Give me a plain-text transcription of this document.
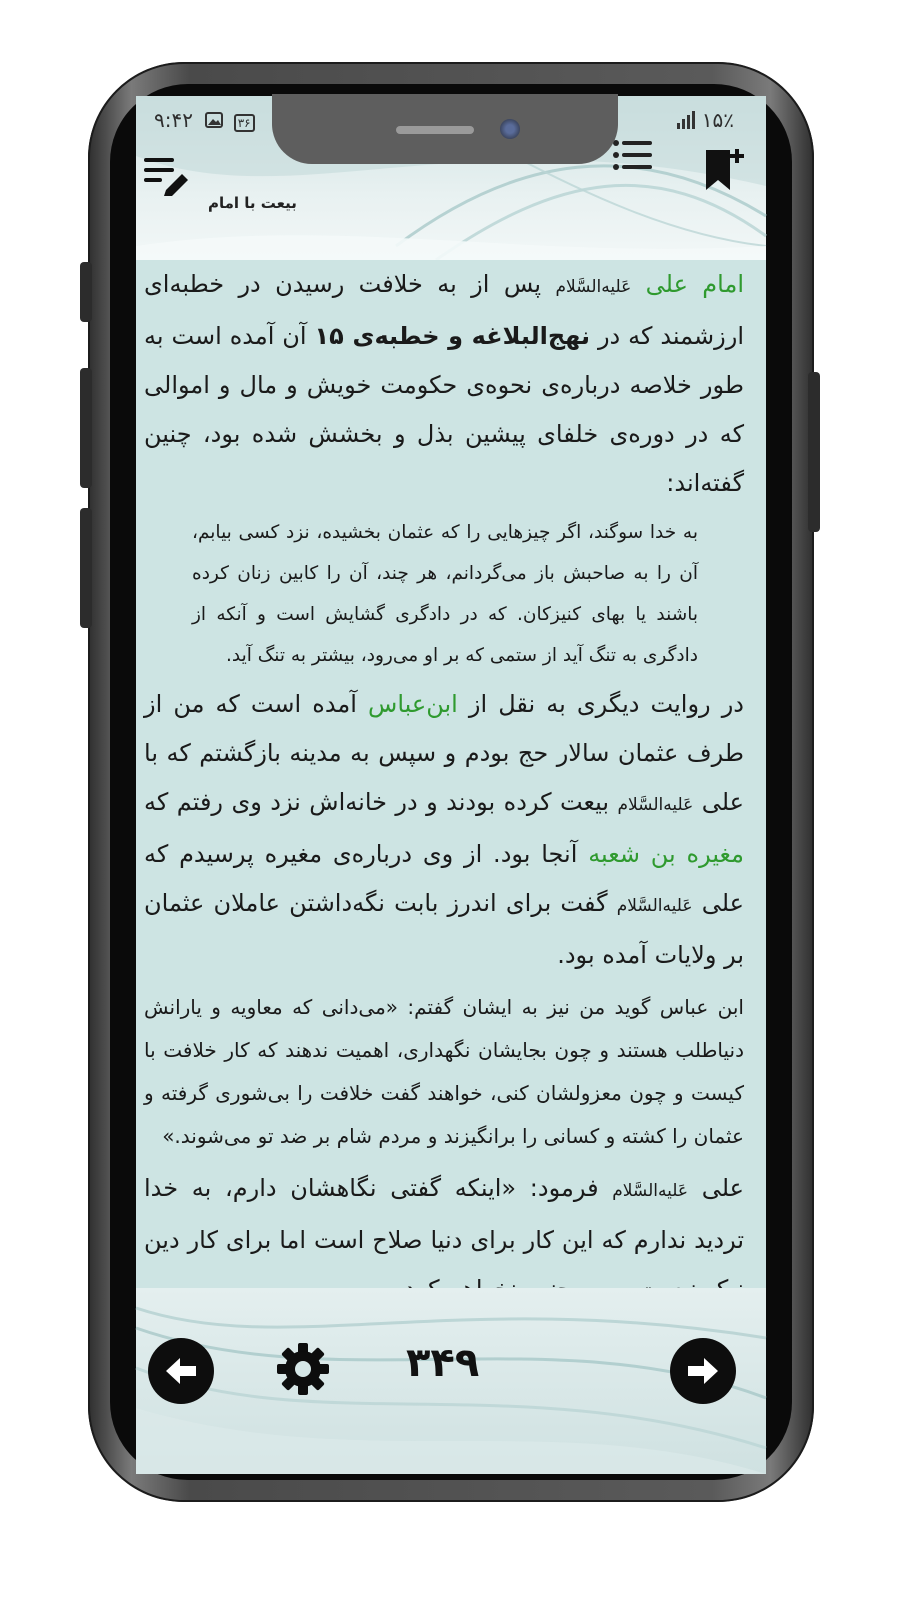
۹:۴۲	۳۶	۱۵٪
بیعت با امام

امام علی عَلیه‌السَّلام پس از به خلافت رسیدن در خطبه‌ای ارزشمند که در نهج‌البلاغه و خطبه‌ی ۱۵ آن آمده است به طور خلاصه درباره‌ی نحوه‌ی حکومت خویش و مال و اموالی که در دوره‌ی خلفای پیشین بذل و بخشش شده بود، چنین گفته‌اند:

به خدا سوگند، اگر چیزهایی را که عثمان بخشیده، نزد کسی بیابم، آن را به صاحبش باز می‌گردانم، هر چند، آن را کابین زنان کرده باشند یا بهای کنیزکان. که در دادگری گشایش است و آنکه از دادگری به تنگ آید از ستمی که بر او می‌رود، بیشتر به تنگ آید.

در روایت دیگری به نقل از ابن‌عباس آمده است که من از طرف عثمان سالار حج بودم و سپس به مدینه بازگشتم که با علی عَلیه‌السَّلام بیعت کرده بودند و در خانه‌اش نزد وی رفتم که مغیره بن شعبه آنجا بود. از وی درباره‌ی مغیره پرسیدم که علی عَلیه‌السَّلام گفت برای اندرز بابت نگه‌داشتن عاملان عثمان بر ولایات آمده بود.

ابن عباس گوید من نیز به ایشان گفتم: «می‌دانی که معاویه و یارانش دنیاطلب هستند و چون بجایشان نگهداری، اهمیت ندهند که کار خلافت با کیست و چون معزولشان کنی، خواهند گفت خلافت را بی‌شوری گرفته و عثمان را کشته و کسانی را برانگیزند و مردم شام بر ضد تو می‌شوند.»

علی عَلیه‌السَّلام فرمود: «اینکه گفتی نگاهشان دارم، به خدا تردید ندارم که این کار برای دنیا صلاح است اما برای کار دین

۳۴۹
